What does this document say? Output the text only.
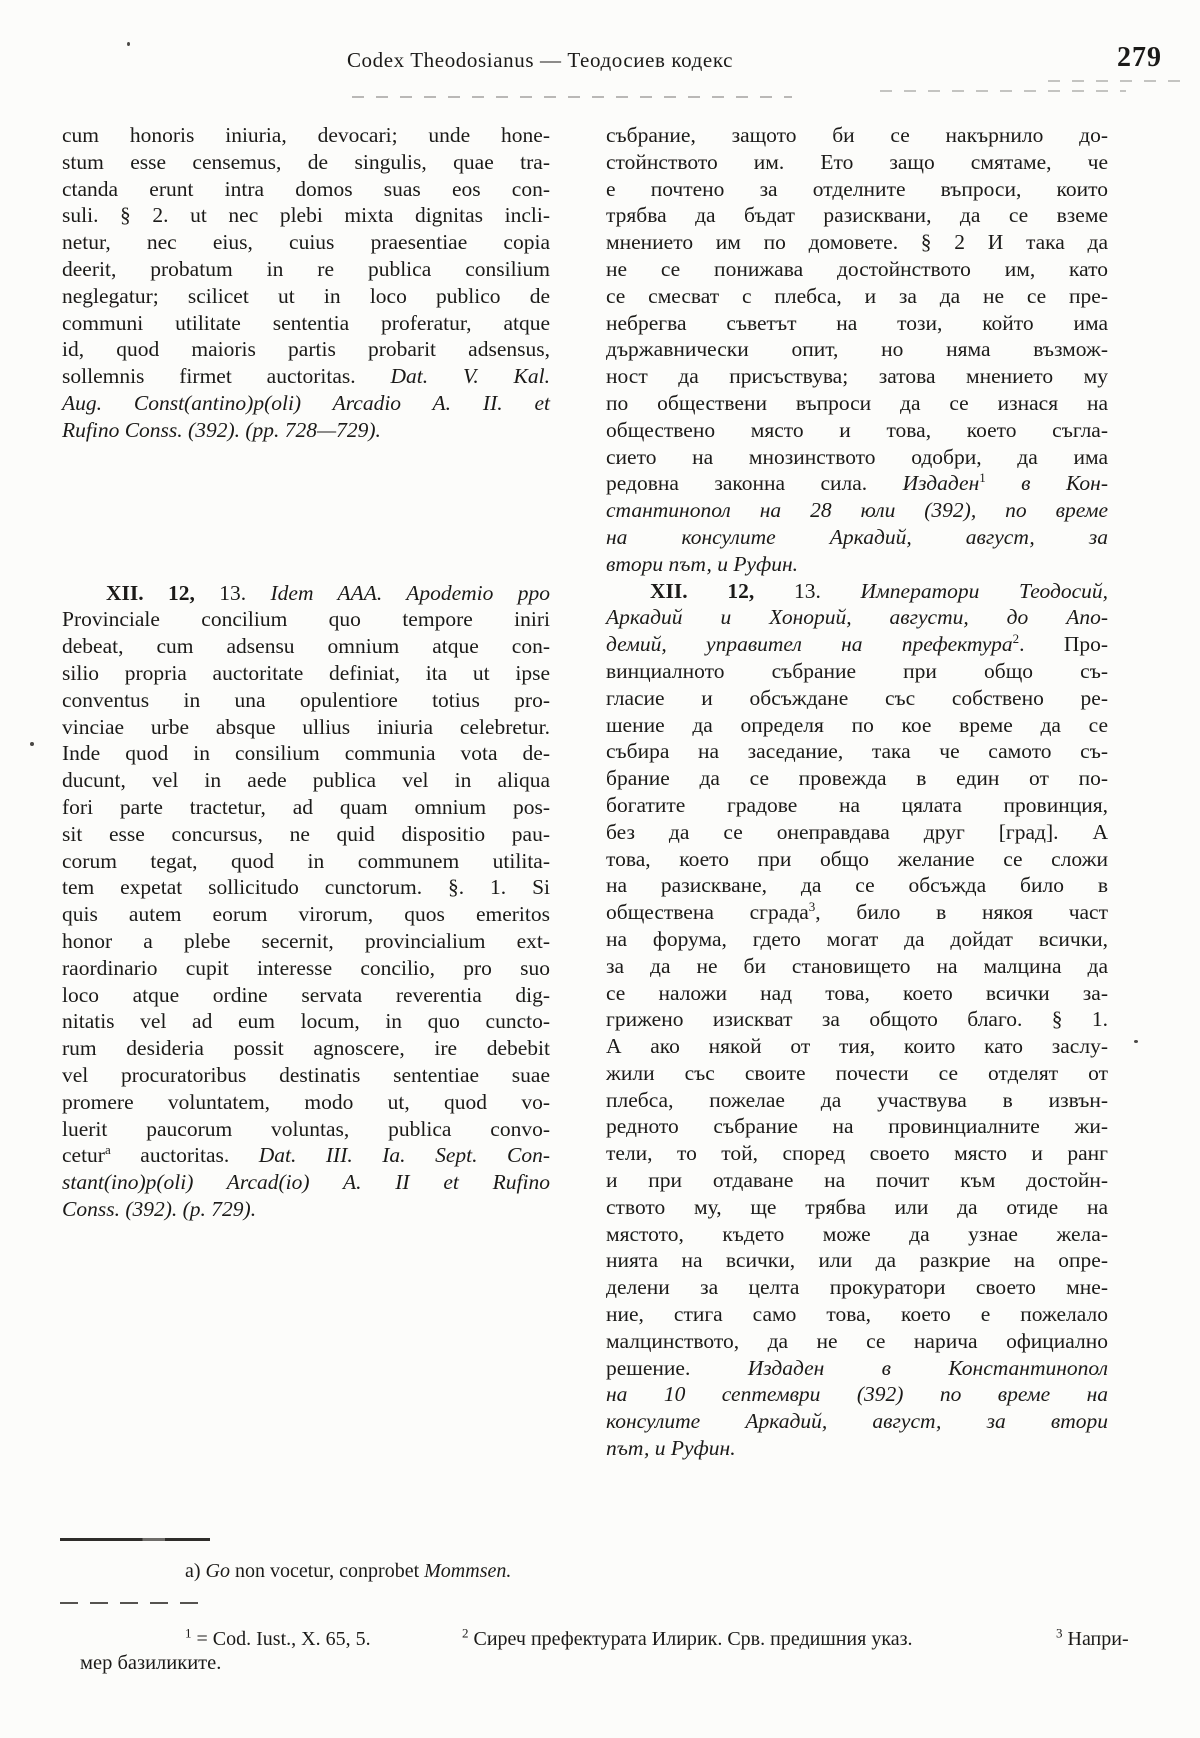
Codex Theodosianus — Теодосиев кодекс	279
cum honoris iniuria, devocari; unde hone-
stum esse censemus, de singulis, quae tra-
ctanda erunt intra domos suas eos con-
suli. § 2. ut nec plebi mixta dignitas incli-
netur, nec eius, cuius praesentiae copia
deerit, probatum in re publica consilium
neglegatur; scilicet ut in loco publico de
communi utilitate sententia proferatur, atque
id, quod maioris partis probarit adsensus,
sollemnis firmet auctoritas. Dat. V. Kal.
Aug. Const(antino)p(oli) Arcadio A. II. et
Rufino Conss. (392). (pp. 728—729).
XII. 12, 13. Idem AAA. Apodemio ppo
Provinciale concilium quo tempore iniri
debeat, cum adsensu omnium atque con-
silio propria auctoritate definiat, ita ut ipse
conventus in una opulentiore totius pro-
vinciae urbe absque ullius iniuria celebretur.
Inde quod in consilium communia vota de-
ducunt, vel in aede publica vel in aliqua
fori parte tractetur, ad quam omnium pos-
sit esse concursus, ne quid dispositio pau-
corum tegat, quod in communem utilita-
tem expetat sollicitudo cunctorum. §. 1. Si
quis autem eorum virorum, quos emeritos
honor a plebe secernit, provincialium ext-
raordinario cupit interesse concilio, pro suo
loco atque ordine servata reverentia dig-
nitatis vel ad eum locum, in quo cuncto-
rum desideria possit agnoscere, ire debebit
vel procuratoribus destinatis sententiae suae
promere voluntatem, modo ut, quod vo-
luerit paucorum voluntas, publica convo-
cetur$^a$ auctoritas. Dat. III. Ia. Sept. Con-
stant(ino)p(oli) Arcad(io) A. II et Rufino
Conss. (392). (p. 729).
събрание, защото би се накърнило до-
стойнството им. Ето защо смятаме, че
е почтено за отделните въпроси, които
трябва да бъдат разисквани, да се вземе
мнението им по домовете. § 2 И така да
не се понижава достойнството им, като
се смесват с плебса, и за да не се пре-
небрегва съветът на този, който има
държавнически опит, но няма възмож-
ност да присъствува; затова мнението му
по обществени въпроси да се изнася на
обществено място и това, което съгла-
сието на мнозинството одобри, да има
редовна законна сила. Издаден$^1$ в Кон-
стантинопол на 28 юли (392), по време
на консулите Аркадий, август, за
втори път, и Руфин.
XII. 12, 13. Императори Теодосий,
Аркадий и Хонорий, августи, до Апо-
демий, управител на префектура$^2$. Про-
винциалното събрание при общо съ-
гласие и обсъждане със собствено ре-
шение да определя по кое време да се
събира на заседание, така че самото съ-
брание да се провежда в един от по-
богатите градове на цялата провинция,
без да се онеправдава друг [град]. А
това, което при общо желание се сложи
на разискване, да се обсъжда било в
обществена сграда$^3$, било в някоя част
на форума, гдето могат да дойдат всички,
за да не би становището на малцина да
се наложи над това, което всички за-
грижено изискват за общото благо. § 1.
А ако някой от тия, които като заслу-
жили със своите почести се отделят от
плебса, пожелае да участвува в извън-
редното събрание на провинциалните жи-
тели, то той, според своето място и ранг
и при отдаване на почит към достойн-
ството му, ще трябва или да отиде на
мястото, където може да узнае жела-
нията на всички, или да разкрие на опре-
делени за целта прокуратори своето мне-
ние, стига само това, което е пожелало
малцинството, да не се нарича официално
решение. Издаден в Константинопол
на 10 септември (392) по време на
консулите Аркадий, август, за втори
път, и Руфин.
a) Go non vocetur, conprobet Mommsen.
$^1$ = Cod. Iust., X. 65, 5.	$^2$ Сиреч префектурата Илирик. Срв. предишния указ.	$^3$ Напри-
мер базиликите.
